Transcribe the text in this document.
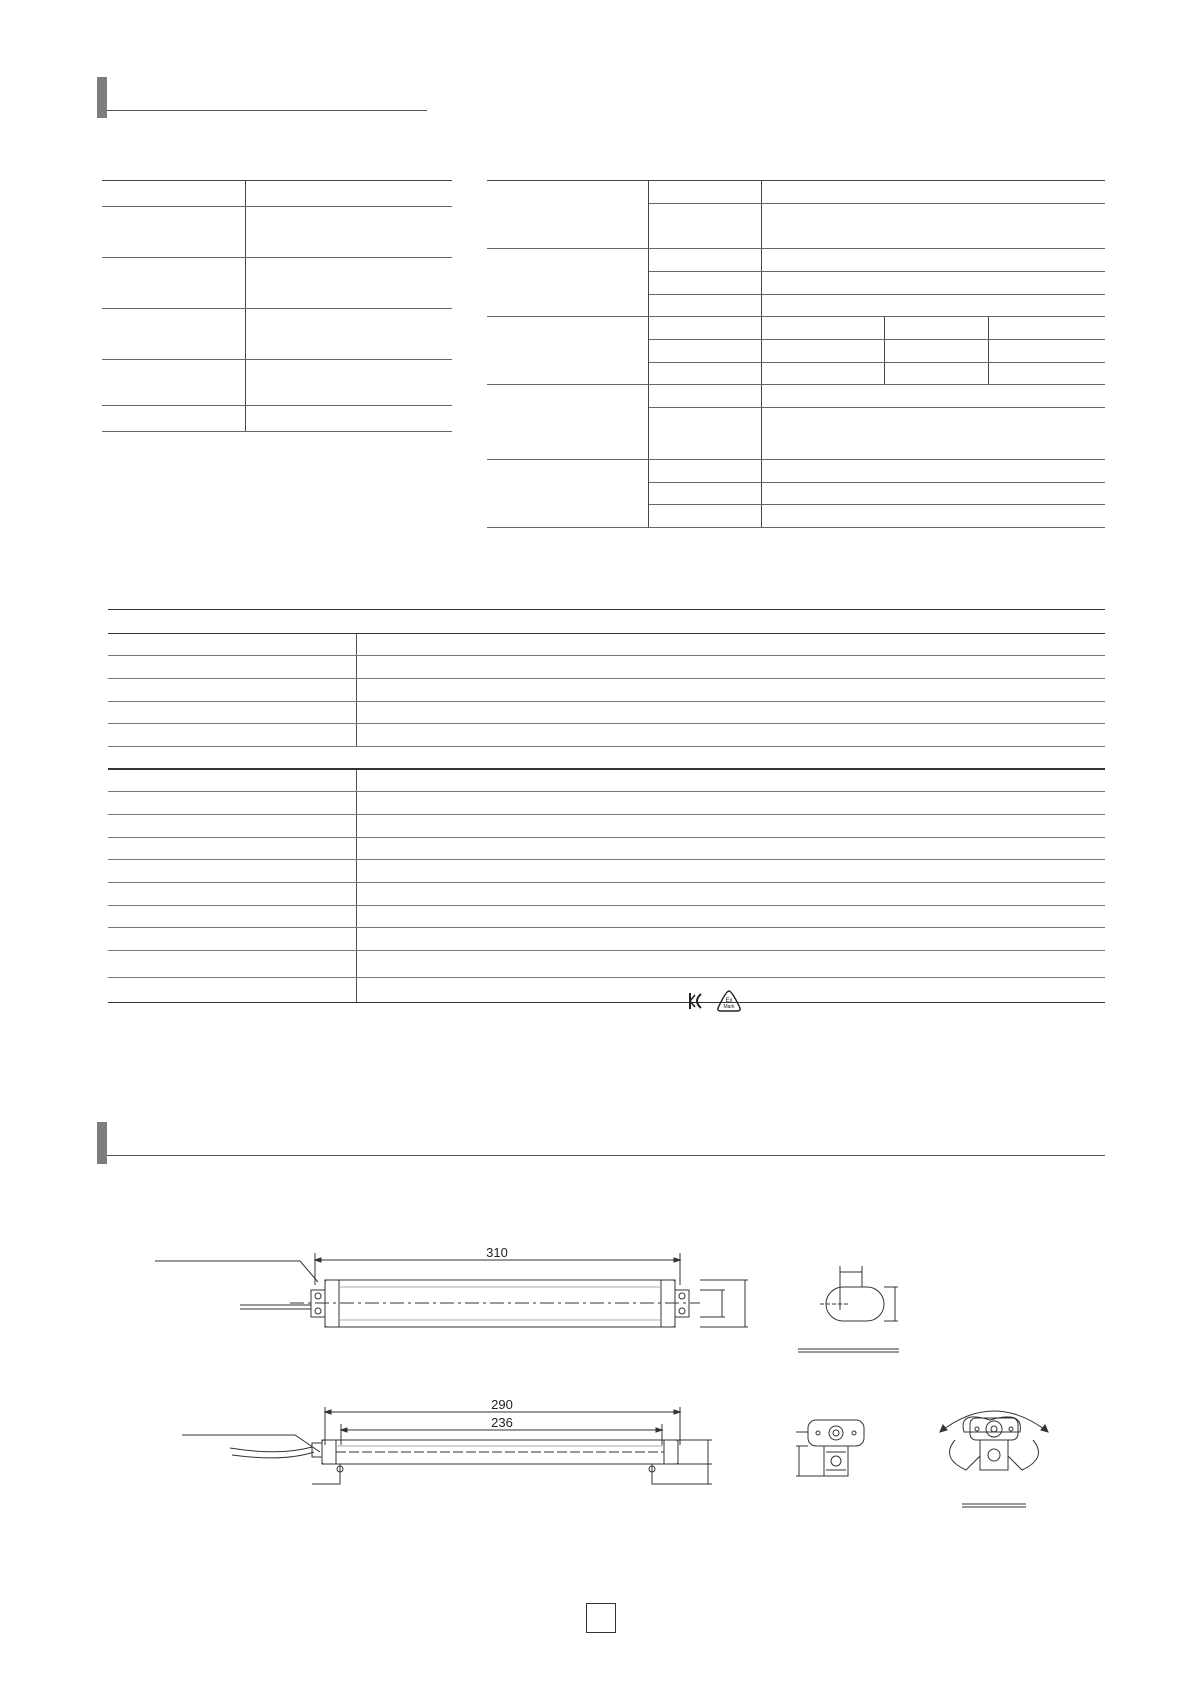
Ex
Mark
310
290
236
